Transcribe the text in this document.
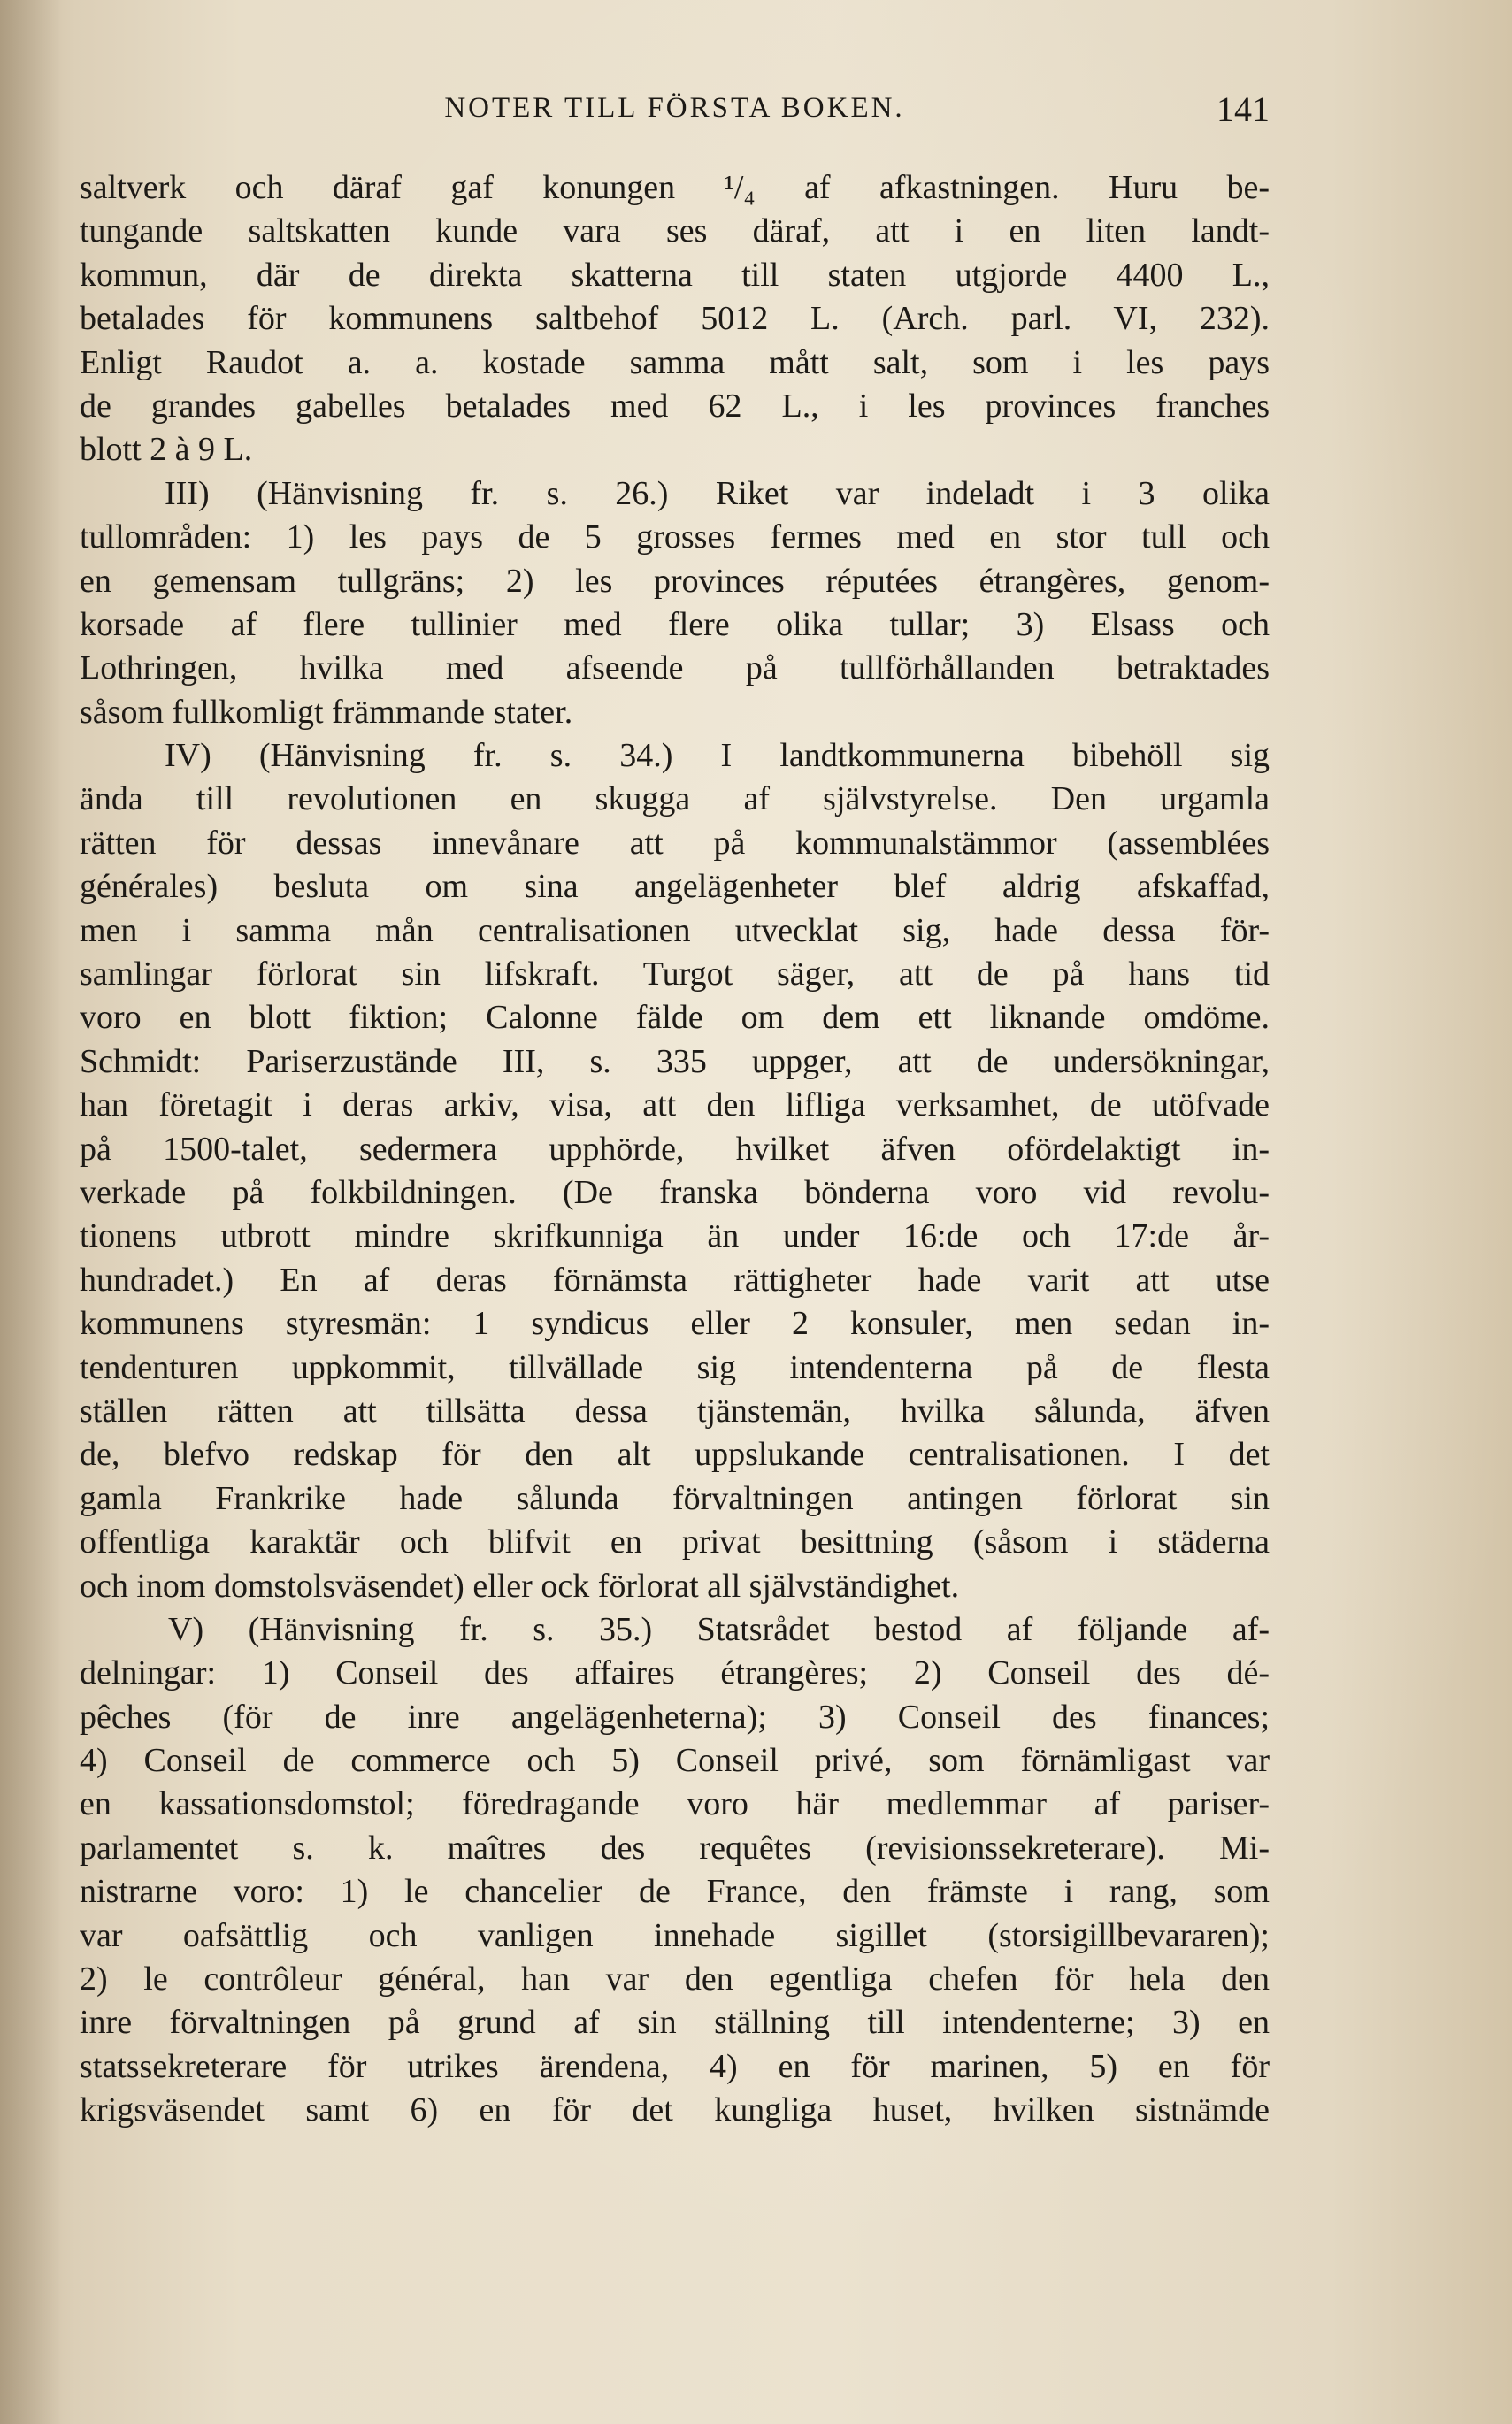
NOTER TILL FÖRSTA BOKEN.	141
saltverk och däraf gaf konungen ¹/₄ af afkastningen. Huru be-
tungande saltskatten kunde vara ses däraf, att i en liten landt-
kommun, där de direkta skatterna till staten utgjorde 4400 L.,
betalades för kommunens saltbehof 5012 L. (Arch. parl. VI, 232).
Enligt Raudot a. a. kostade samma mått salt, som i les pays
de grandes gabelles betalades med 62 L., i les provinces franches
blott 2 à 9 L.
III) (Hänvisning fr. s. 26.) Riket var indeladt i 3 olika
tullområden: 1) les pays de 5 grosses fermes med en stor tull och
en gemensam tullgräns; 2) les provinces réputées étrangères, genom-
korsade af flere tullinier med flere olika tullar; 3) Elsass och
Lothringen, hvilka med afseende på tullförhållanden betraktades
såsom fullkomligt främmande stater.
IV) (Hänvisning fr. s. 34.) I landtkommunerna bibehöll sig
ända till revolutionen en skugga af självstyrelse. Den urgamla
rätten för dessas innevånare att på kommunalstämmor (assemblées
générales) besluta om sina angelägenheter blef aldrig afskaffad,
men i samma mån centralisationen utvecklat sig, hade dessa för-
samlingar förlorat sin lifskraft. Turgot säger, att de på hans tid
voro en blott fiktion; Calonne fälde om dem ett liknande omdöme.
Schmidt: Pariserzuständе III, s. 335 uppger, att de undersökningar,
han företagit i deras arkiv, visa, att den lifliga verksamhet, de utöfvade
på 1500-talet, sedermera upphörde, hvilket äfven ofördelaktigt in-
verkade på folkbildningen. (De franska bönderna voro vid revolu-
tionens utbrott mindre skrifkunniga än under 16:de och 17:de år-
hundradet.) En af deras förnämsta rättigheter hade varit att utse
kommunens styresmän: 1 syndicus eller 2 konsuler, men sedan in-
tendenturen uppkommit, tillvällade sig intendenterna på de flesta
ställen rätten att tillsätta dessa tjänstemän, hvilka sålunda, äfven
de, blefvo redskap för den alt uppslukande centralisationen. I det
gamla Frankrike hade sålunda förvaltningen antingen förlorat sin
offentliga karaktär och blifvit en privat besittning (såsom i städerna
och inom domstolsväsendet) eller ock förlorat all självständighet.
V) (Hänvisning fr. s. 35.) Statsrådet bestod af följande af-
delningar: 1) Conseil des affaires étrangères; 2) Conseil des dé-
pêches (för de inre angelägenheterna); 3) Conseil des finances;
4) Conseil de commerce och 5) Conseil privé, som förnämligast var
en kassationsdomstol; föredragande voro här medlemmar af pariser-
parlamentet s. k. maîtres des requêtes (revisionssekreterare). Mi-
nistrarne voro: 1) le chancelier de France, den främste i rang, som
var oafsättlig och vanligen innehade sigillet (storsigillbevararen);
2) le contrôleur général, han var den egentliga chefen för hela den
inre förvaltningen på grund af sin ställning till intendenterne; 3) en
statssekreterare för utrikes ärendena, 4) en för marinen, 5) en för
krigsväsendet samt 6) en för det kungliga huset, hvilken sistnämde
